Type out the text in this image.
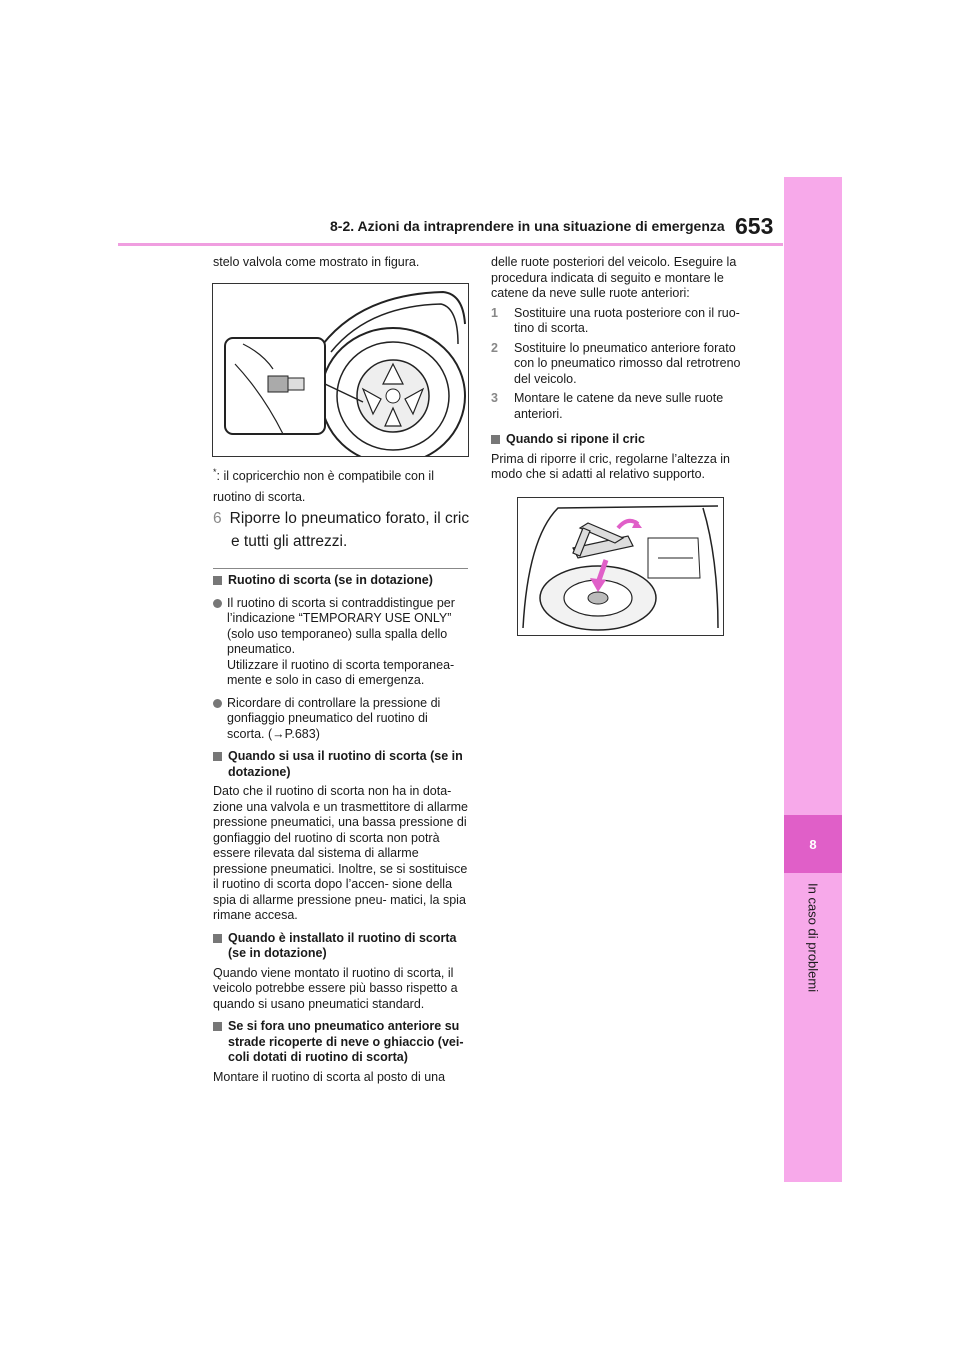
8-2. Azioni da intraprendere in una situazione di emergenza 653
8
In caso di problemi

stelo valvola come mostrato in figura.

*: il copricerchio non è compatibile con il ruotino di scorta.
6 Riporre lo pneumatico forato, il cric
e tutti gli attrezzi.
Ruotino di scorta (se in dotazione)

Il ruotino di scorta si contraddistingue per l’indicazione “TEMPORARY USE ONLY” (solo uso temporaneo) sulla spalla dello pneumatico.

Utilizzare il ruotino di scorta temporanea- mente e solo in caso di emergenza.

Ricordare di controllare la pressione di gonfiaggio pneumatico del ruotino di scorta. (→P.683)

Quando si usa il ruotino di scorta (se in dotazione)

Dato che il ruotino di scorta non ha in dota- zione una valvola e un trasmettitore di allarme pressione pneumatici, una bassa pressione di gonfiaggio del ruotino di scorta non potrà essere rilevata dal sistema di allarme pressione pneumatici. Inoltre, se si sostituisce il ruotino di scorta dopo l’accen- sione della spia di allarme pressione pneu- matici, la spia rimane accesa.

Quando è installato il ruotino di scorta (se in dotazione)

Quando viene montato il ruotino di scorta, il veicolo potrebbe essere più basso rispetto a quando si usano pneumatici standard.

Se si fora uno pneumatico anteriore su strade ricoperte di neve o ghiaccio (vei- coli dotati di ruotino di scorta)

Montare il ruotino di scorta al posto di una

delle ruote posteriori del veicolo. Eseguire la procedura indicata di seguito e montare le catene da neve sulle ruote anteriori:

1	Sostituire una ruota posteriore con il ruo- tino di scorta.
2	Sostituire lo pneumatico anteriore forato con lo pneumatico rimosso dal retrotreno del veicolo.
3	Montare le catene da neve sulle ruote anteriori.
Quando si ripone il cric

Prima di riporre il cric, regolarne l’altezza in modo che si adatti al relativo supporto.
